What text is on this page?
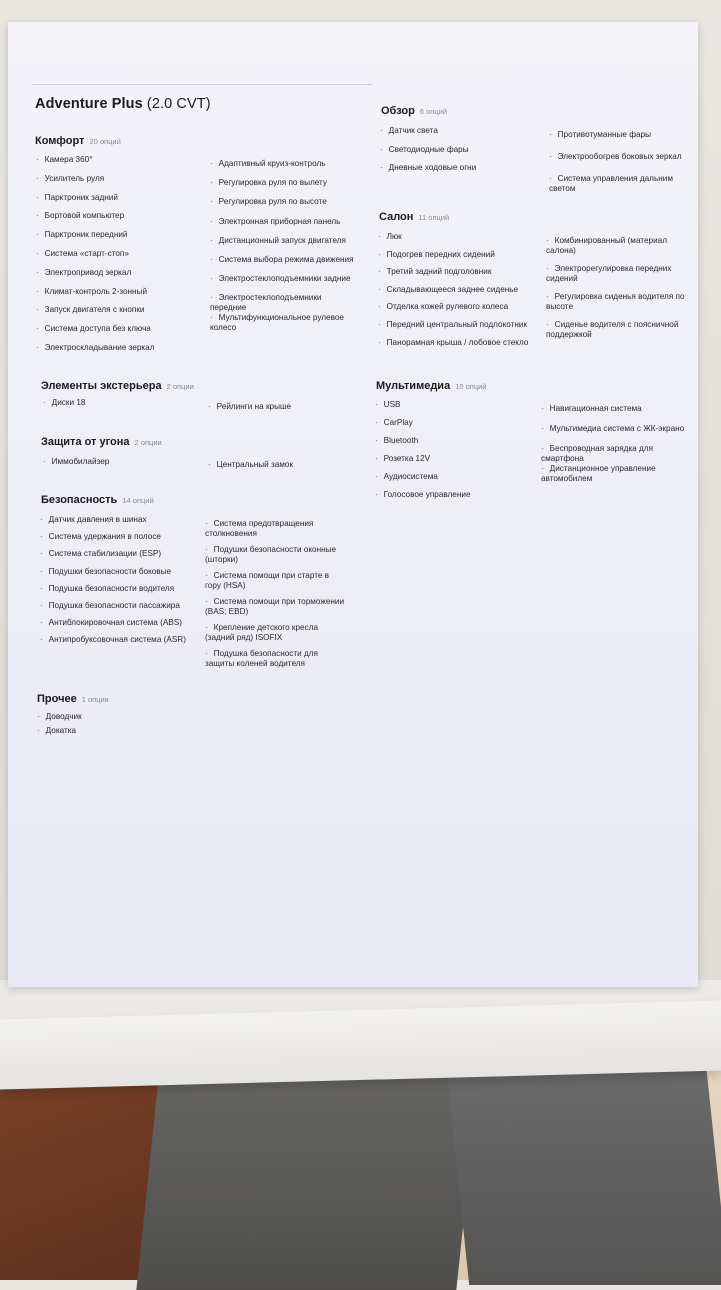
Adventure Plus (2.0 CVT)
Комфорт 20 опций
Элементы экстерьера 2 опции
Защита от угона 2 опции
Безопасность 14 опций
Прочее 1 опция
Обзор 6 опций
Салон 11 опций
Мультимедиа 10 опций
· Камера 360°
· Усилитель руля
· Парктроник задний
· Бортовой компьютер
· Парктроник передний
· Система «старт-стоп»
· Электропривод зеркал
· Климат-контроль 2-зонный
· Запуск двигателя с кнопки
· Система доступа без ключа
· Электроскладывание зеркал
· Адаптивный круиз-контроль
· Регулировка руля по вылету
· Регулировка руля по высоте
· Электронная приборная панель
· Дистанционный запуск двигателя
· Система выбора режима движения
· Электростеклоподъемники задние
· Электростеклоподъемники передние
· Мультифункциональное рулевое колесо
· Диски 18	· Рейлинги на крыше
· Иммобилайзер	· Центральный замок
· Датчик давления в шинах
· Система удержания в полосе
· Система стабилизации (ESP)
· Подушки безопасности боковые
· Подушка безопасности водителя
· Подушка безопасности пассажира
· Антиблокировочная система (ABS)
· Антипробуксовочная система (ASR)
· Система предотвращения столкновения
· Подушки безопасности оконные (шторки)
· Система помощи при старте в гору (HSA)
· Система помощи при торможении (BAS; EBD)
· Крепление детского кресла (задний ряд) ISOFIX
· Подушка безопасности для защиты коленей водителя
· Доводчик
· Докатка
· Датчик света
· Светодиодные фары
· Дневные ходовые огни
· Противотуманные фары
· Электрообогрев боковых зеркал
· Система управления дальним светом
· Люк
· Подогрев передних сидений
· Третий задний подголовник
· Складывающееся заднее сиденье
· Отделка кожей рулевого колеса
· Передний центральный подлокотник
· Панорамная крыша / лобовое стекло
· Комбинированный (материал салона)
· Электрорегулировка передних сидений
· Регулировка сиденья водителя по высоте
· Сиденье водителя с поясничной поддержкой
· USB
· CarPlay
· Bluetooth
· Розетка 12V
· Аудиосистема
· Голосовое управление
· Навигационная система
· Мультимедиа система с ЖК-экрано
· Беспроводная зарядка для смартфона
· Дистанционное управление автомобилем
